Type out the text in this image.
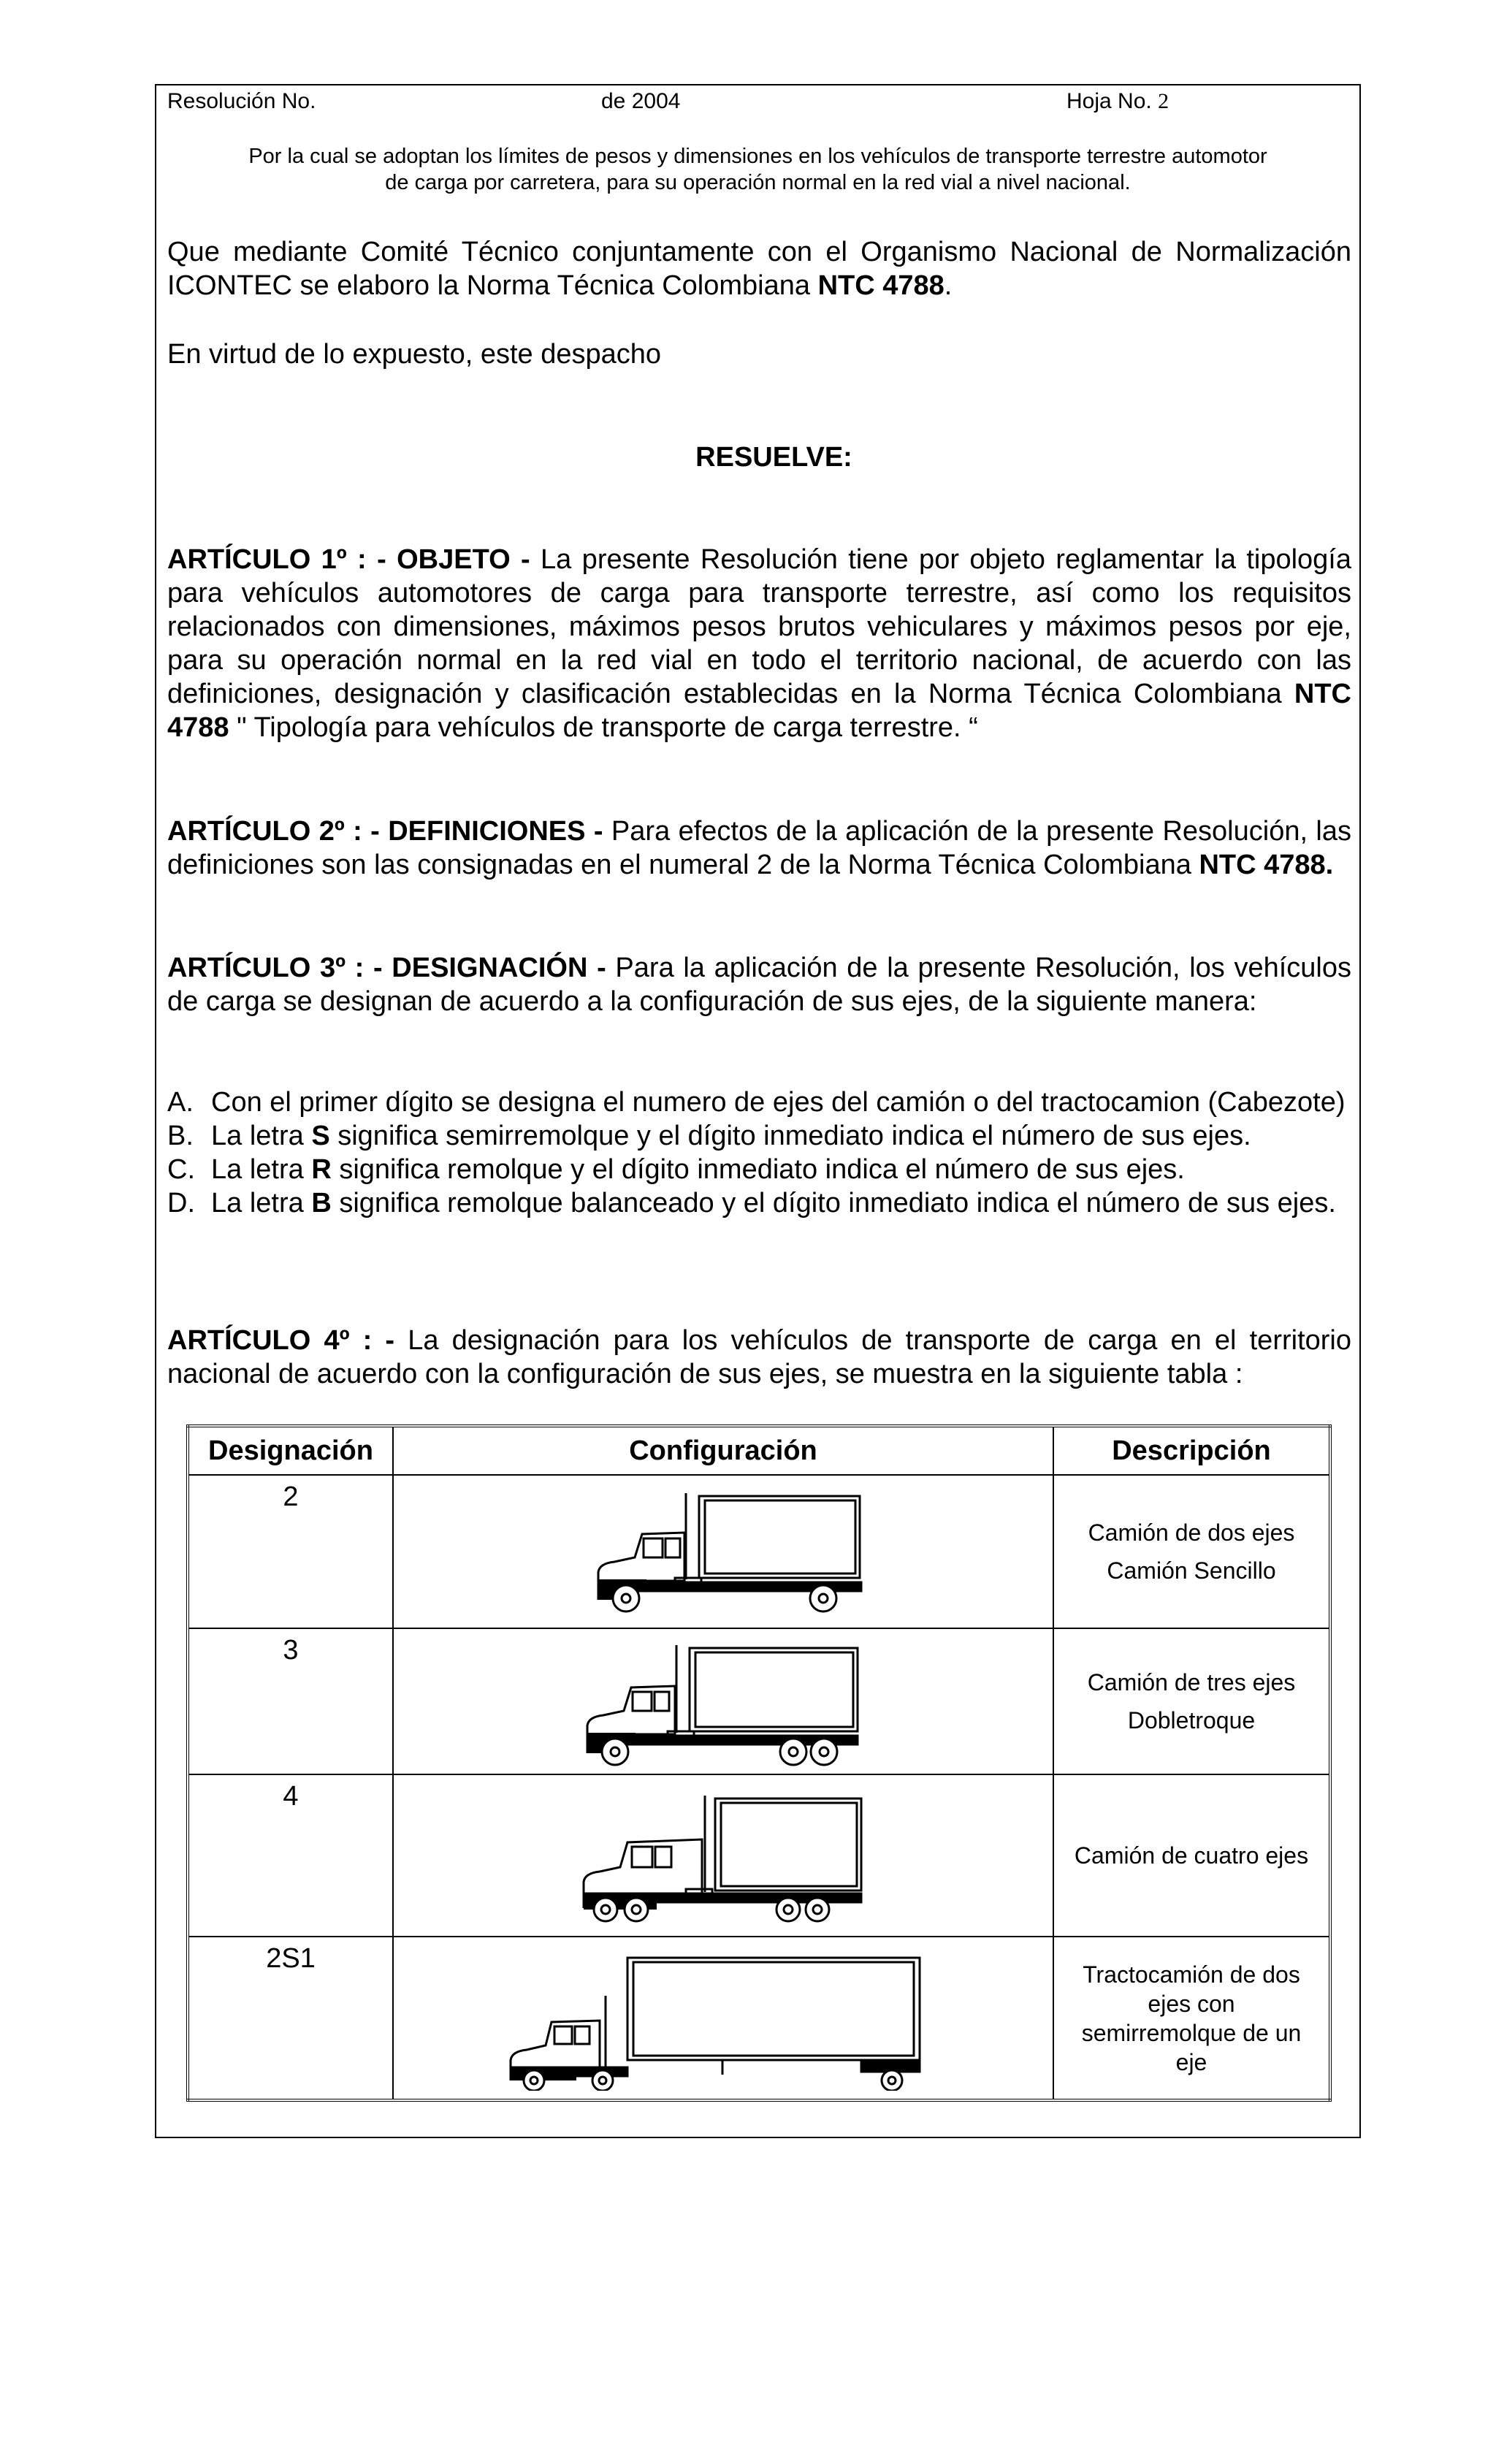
Resolución No.	de 2004	Hoja No. 2
Por la cual se adoptan los límites de pesos y dimensiones en los vehículos de transporte terrestre automotor
de carga por carretera, para su operación normal en la red vial a nivel nacional.
Que mediante Comité Técnico conjuntamente con el Organismo Nacional de Normalización ICONTEC se elaboro la Norma Técnica Colombiana NTC 4788.
En virtud de lo expuesto, este despacho
RESUELVE:
ARTÍCULO 1º : - OBJETO - La presente Resolución tiene por objeto reglamentar la tipología para vehículos automotores de carga para transporte terrestre, así como los requisitos relacionados con dimensiones, máximos pesos brutos vehiculares y máximos pesos por eje, para su operación normal en la red vial en todo el territorio nacional, de acuerdo con las definiciones, designación y clasificación establecidas en la Norma Técnica Colombiana NTC 4788 " Tipología para vehículos de transporte de carga terrestre. “
ARTÍCULO 2º : - DEFINICIONES - Para efectos de la aplicación de la presente Resolución, las definiciones son las consignadas en el numeral 2 de la Norma Técnica Colombiana NTC 4788.
ARTÍCULO 3º : - DESIGNACIÓN - Para la aplicación de la presente Resolución, los vehículos de carga se designan de acuerdo a la configuración de sus ejes, de la siguiente manera:
A. Con el primer dígito se designa el numero de ejes del camión o del tractocamion (Cabezote)
B. La letra S significa semirremolque y el dígito inmediato indica el número de sus ejes.
C. La letra R significa remolque y el dígito inmediato indica el número de sus ejes.
D. La letra B significa remolque balanceado y el dígito inmediato indica el número de sus ejes.
ARTÍCULO 4º : - La designación para los vehículos de transporte de carga en el territorio nacional de acuerdo con la configuración de sus ejes, se muestra en la siguiente tabla :
Designación	Configuración	Descripción
2		Camión de dos ejes
Camión Sencillo

3		Camión de tres ejes
Dobletroque

4		Camión de cuatro ejes

2S1		Tractocamión de dos ejes con semirremolque de un eje
